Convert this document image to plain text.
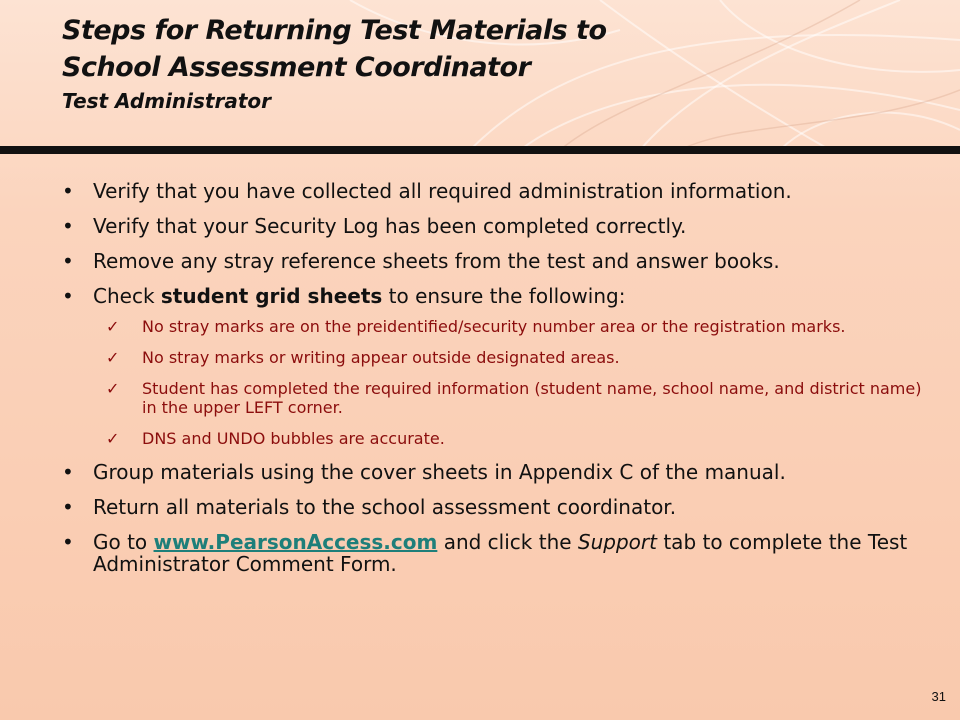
Steps for Returning Test Materials to
School Assessment Coordinator
Test Administrator
• Verify that you have collected all required administration information.
• Verify that your Security Log has been completed correctly.
• Remove any stray reference sheets from the test and answer books.
• Check student grid sheets to ensure the following:
✓ No stray marks are on the preidentified/security number area or the registration marks.
✓ No stray marks or writing appear outside designated areas.
✓ Student has completed the required information (student name, school name, and district name) in the upper LEFT corner.
✓ DNS and UNDO bubbles are accurate.
• Group materials using the cover sheets in Appendix C of the manual.
• Return all materials to the school assessment coordinator.
• Go to www.PearsonAccess.com and click the Support tab to complete the Test Administrator Comment Form.
31
